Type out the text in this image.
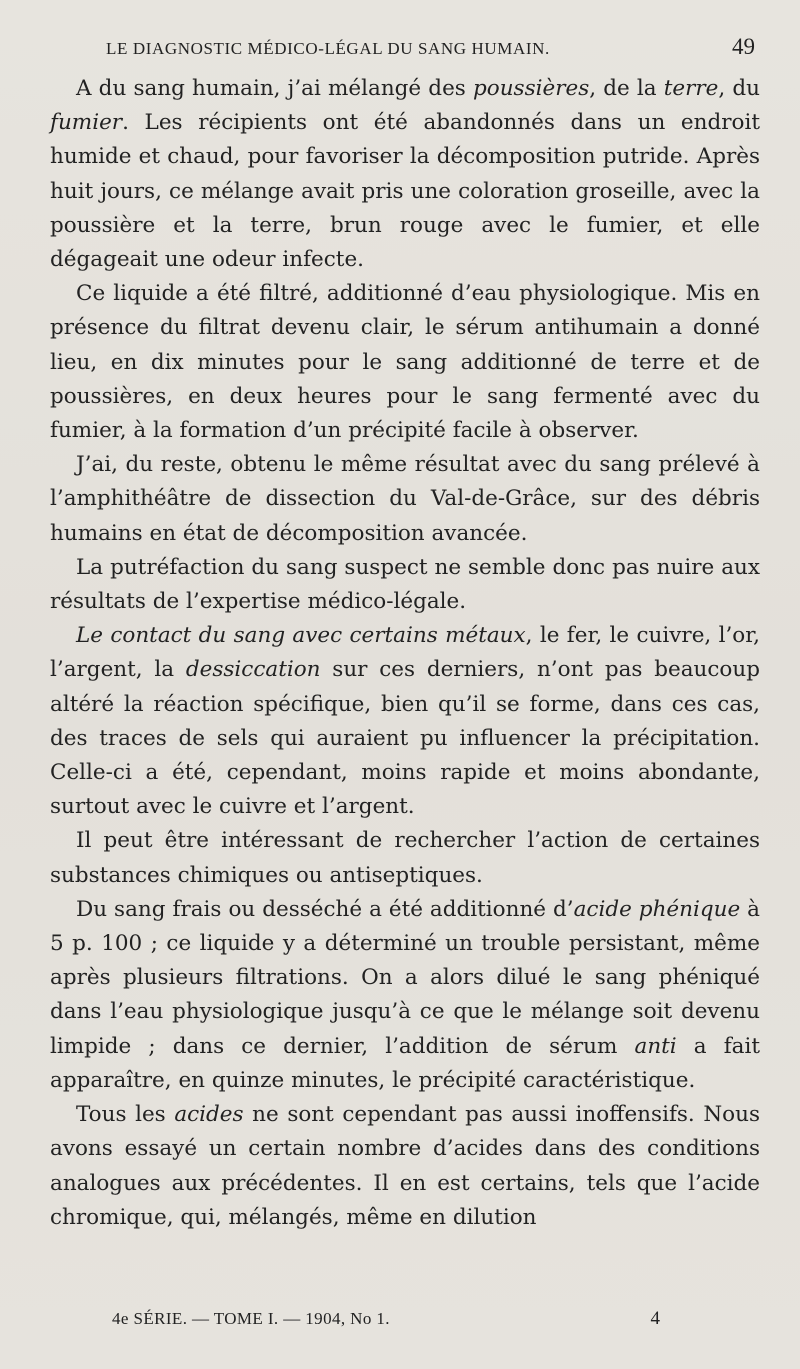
LE DIAGNOSTIC MÉDICO-LÉGAL DU SANG HUMAIN.	49

A du sang humain, j’ai mélangé des poussières, de la terre, du fumier. Les récipients ont été abandonnés dans un endroit humide et chaud, pour favoriser la décomposition putride. Après huit jours, ce mélange avait pris une coloration groseille, avec la poussière et la terre, brun rouge avec le fumier, et elle dégageait une odeur infecte.

Ce liquide a été filtré, additionné d’eau physiologique. Mis en présence du filtrat devenu clair, le sérum antihumain a donné lieu, en dix minutes pour le sang additionné de terre et de poussières, en deux heures pour le sang fermenté avec du fumier, à la formation d’un précipité facile à observer.

J’ai, du reste, obtenu le même résultat avec du sang prélevé à l’amphithéâtre de dissection du Val-de-Grâce, sur des débris humains en état de décomposition avancée.

La putréfaction du sang suspect ne semble donc pas nuire aux résultats de l’expertise médico-légale.

Le contact du sang avec certains métaux, le fer, le cuivre, l’or, l’argent, la dessiccation sur ces derniers, n’ont pas beaucoup altéré la réaction spécifique, bien qu’il se forme, dans ces cas, des traces de sels qui auraient pu influencer la précipitation. Celle-ci a été, cependant, moins rapide et moins abondante, surtout avec le cuivre et l’argent.

Il peut être intéressant de rechercher l’action de certaines substances chimiques ou antiseptiques.

Du sang frais ou desséché a été additionné d’acide phénique à 5 p. 100 ; ce liquide y a déterminé un trouble persistant, même après plusieurs filtrations. On a alors dilué le sang phéniqué dans l’eau physiologique jusqu’à ce que le mélange soit devenu limpide ; dans ce dernier, l’addition de sérum anti a fait apparaître, en quinze minutes, le précipité caractéristique.

Tous les acides ne sont cependant pas aussi inoffensifs. Nous avons essayé un certain nombre d’acides dans des conditions analogues aux précédentes. Il en est certains, tels que l’acide chromique, qui, mélangés, même en dilution

4e SÉRIE. — TOME I. — 1904, No 1.	4
